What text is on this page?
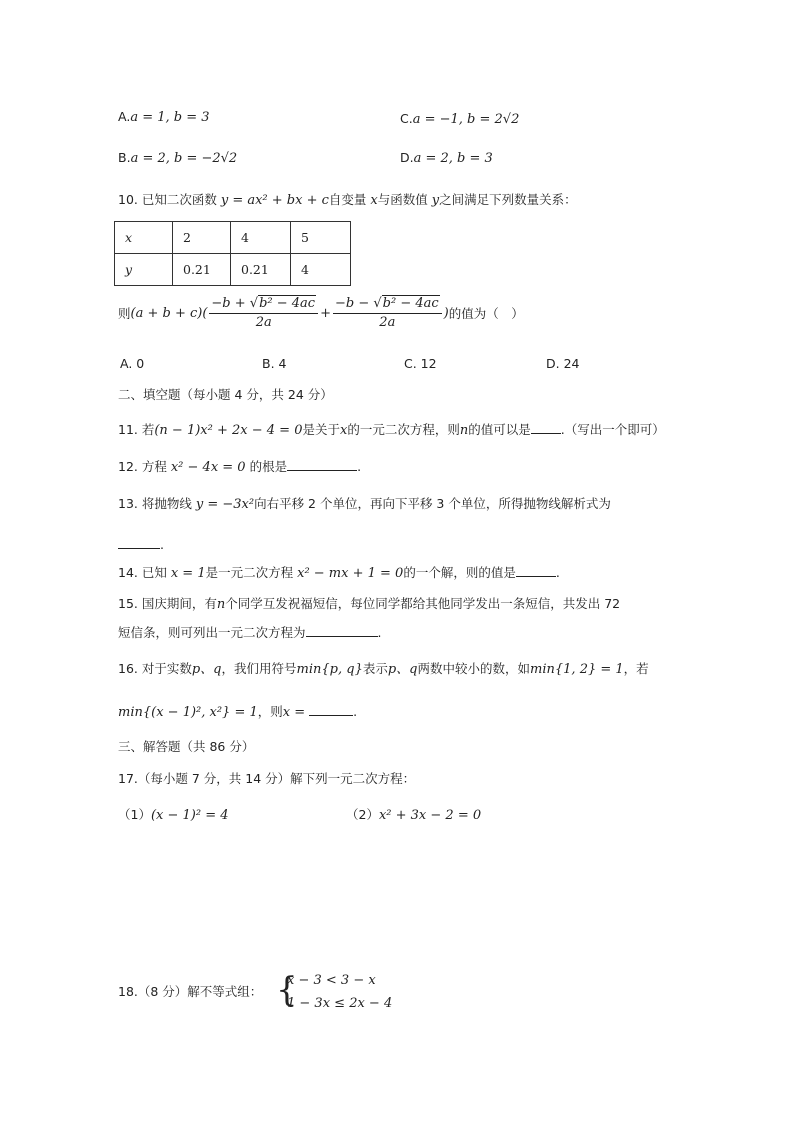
A.a = 1, b = 3	C.a = −1, b = 2√2
B.a = 2, b = −2√2	D.a = 2, b = 3
10. 已知二次函数 y = ax² + bx + c自变量 x与函数值 y之间满足下列数量关系：
x	2	4	5
y	0.21	0.21	4
则 $(a + b + c)( \frac{\text{−b + √b² − 4ac}}{2a} + \frac{\text{−b − √b² − 4ac}}{2a}$ ) 的值为（　）
A. 0	B. 4	C. 12	D. 24
二、填空题（每小题 4 分，共 24 分）
11. 若(n − 1)x² + 2x − 4 = 0是关于x的一元二次方程，则n的值可以是 .（写出一个即可）
12. 方程 x² − 4x = 0 的根是	.
13. 将抛物线 y = −3x²向右平移 2 个单位，再向下平移 3 个单位，所得抛物线解析式为
.
14. 已知 x = 1是一元二次方程 x² − mx + 1 = 0的一个解，则的值是	.
15. 国庆期间，有n个同学互发祝福短信，每位同学都给其他同学发出一条短信，共发出 72
短信条，则可列出一元二次方程为	.
16. 对于实数p、q，我们用符号min{p, q}表示p、q两数中较小的数，如min{1, 2} = 1，若
min{(x − 1)², x²} = 1，则x =	.
三、解答题（共 86 分）
17.（每小题 7 分，共 14 分）解下列一元二次方程：
（1）(x − 1)² = 4	（2）x² + 3x − 2 = 0
18.（8 分）解不等式组： {
x − 3 < 3 − x
1 − 3x ≤ 2x − 4
